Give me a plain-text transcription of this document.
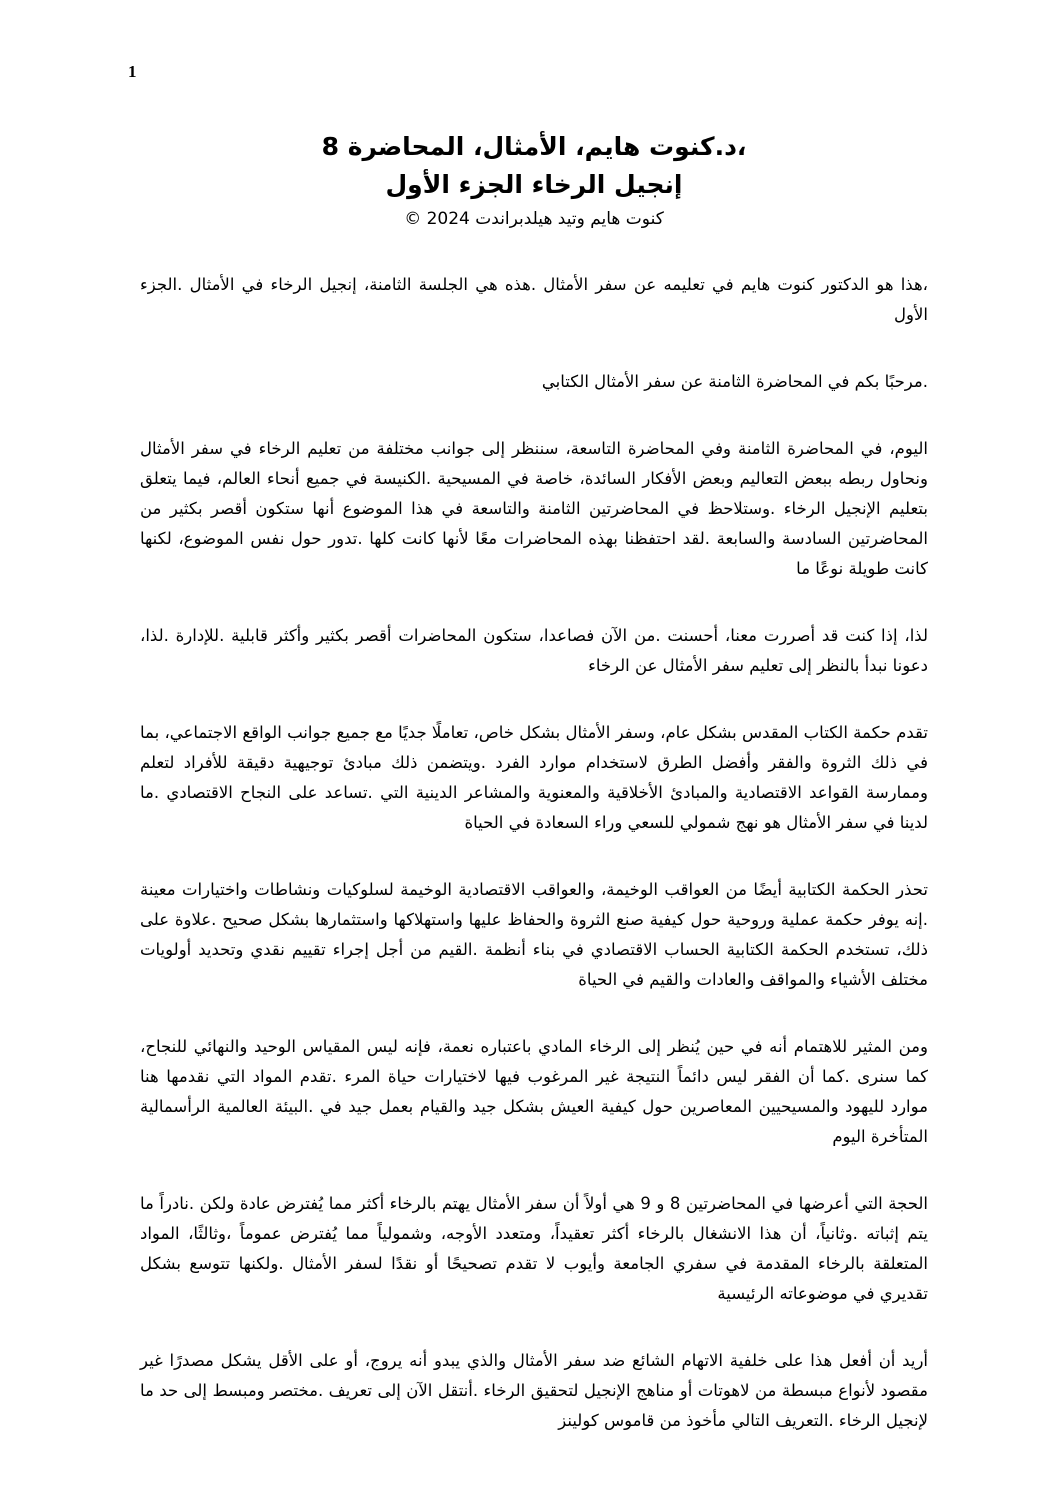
1
،د.كنوت هايم، الأمثال، المحاضرة 8
إنجيل الرخاء الجزء الأول
كنوت هايم وتيد هيلدبراندت 2024 ©

،هذا هو الدكتور كنوت هايم في تعليمه عن سفر الأمثال .هذه هي الجلسة الثامنة، إنجيل الرخاء في الأمثال .الجزء الأول

.مرحبًا بكم في المحاضرة الثامنة عن سفر الأمثال الكتابي

اليوم، في المحاضرة الثامنة وفي المحاضرة التاسعة، سننظر إلى جوانب مختلفة من تعليم الرخاء في سفر الأمثال ونحاول ربطه ببعض التعاليم وبعض الأفكار السائدة، خاصة في المسيحية .الكنيسة في جميع أنحاء العالم، فيما يتعلق بتعليم الإنجيل الرخاء .وستلاحظ في المحاضرتين الثامنة والتاسعة في هذا الموضوع أنها ستكون أقصر بكثير من المحاضرتين السادسة والسابعة .لقد احتفظنا بهذه المحاضرات معًا لأنها كانت كلها .تدور حول نفس الموضوع، لكنها كانت طويلة نوعًا ما

لذا، إذا كنت قد أصررت معنا، أحسنت .من الآن فصاعدا، ستكون المحاضرات أقصر بكثير وأكثر قابلية .للإدارة .لذا، دعونا نبدأ بالنظر إلى تعليم سفر الأمثال عن الرخاء

تقدم حكمة الكتاب المقدس بشكل عام، وسفر الأمثال بشكل خاص، تعاملًا جديًا مع جميع جوانب الواقع الاجتماعي، بما في ذلك الثروة والفقر وأفضل الطرق لاستخدام موارد الفرد .ويتضمن ذلك مبادئ توجيهية دقيقة للأفراد لتعلم وممارسة القواعد الاقتصادية والمبادئ الأخلاقية والمعنوية والمشاعر الدينية التي .تساعد على النجاح الاقتصادي .ما لدينا في سفر الأمثال هو نهج شمولي للسعي وراء السعادة في الحياة

تحذر الحكمة الكتابية أيضًا من العواقب الوخيمة، والعواقب الاقتصادية الوخيمة لسلوكيات ونشاطات واختيارات معينة .إنه يوفر حكمة عملية وروحية حول كيفية صنع الثروة والحفاظ عليها واستهلاكها واستثمارها بشكل صحيح .علاوة على ذلك، تستخدم الحكمة الكتابية الحساب الاقتصادي في بناء أنظمة .القيم من أجل إجراء تقييم نقدي وتحديد أولويات مختلف الأشياء والمواقف والعادات والقيم في الحياة

ومن المثير للاهتمام أنه في حين يُنظر إلى الرخاء المادي باعتباره نعمة، فإنه ليس المقياس الوحيد والنهائي للنجاح، كما سنرى .كما أن الفقر ليس دائماً النتيجة غير المرغوب فيها لاختيارات حياة المرء .تقدم المواد التي نقدمها هنا موارد لليهود والمسيحيين المعاصرين حول كيفية العيش بشكل جيد والقيام بعمل جيد في .البيئة العالمية الرأسمالية المتأخرة اليوم

الحجة التي أعرضها في المحاضرتين 8 و 9 هي أولاً أن سفر الأمثال يهتم بالرخاء أكثر مما يُفترض عادة ولكن .نادراً ما يتم إثباته .وثانياً، أن هذا الانشغال بالرخاء أكثر تعقيداً، ومتعدد الأوجه، وشمولياً مما يُفترض عموماً ،وثالثًا، المواد المتعلقة بالرخاء المقدمة في سفري الجامعة وأيوب لا تقدم تصحيحًا أو نقدًا لسفر الأمثال .ولكنها تتوسع بشكل تقديري في موضوعاته الرئيسية

أريد أن أفعل هذا على خلفية الاتهام الشائع ضد سفر الأمثال والذي يبدو أنه يروج، أو على الأقل يشكل مصدرًا غير مقصود لأنواع مبسطة من لاهوتات أو مناهج الإنجيل لتحقيق الرخاء .أنتقل الآن إلى تعريف .مختصر ومبسط إلى حد ما لإنجيل الرخاء .التعريف التالي مأخوذ من قاموس كولينز
